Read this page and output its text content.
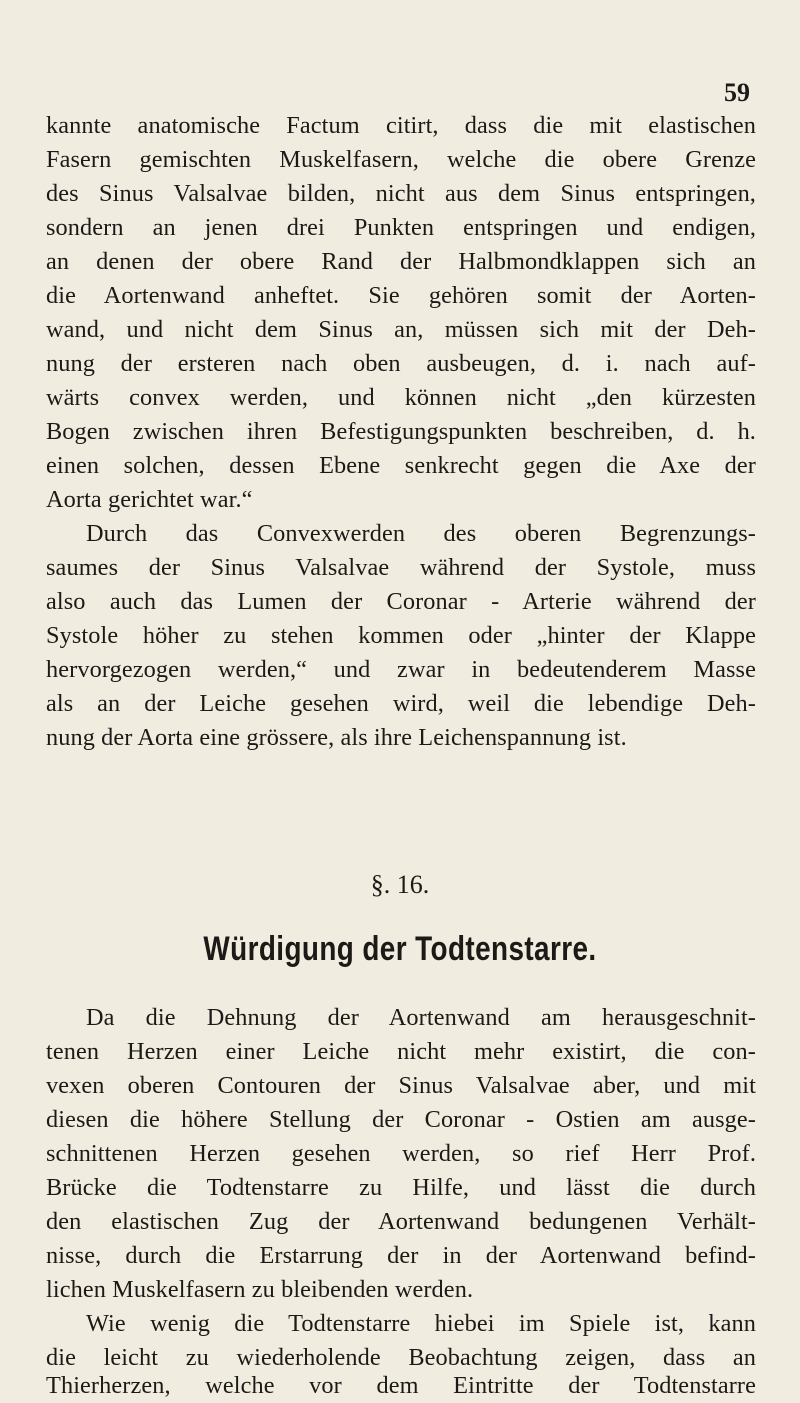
59
kannte anatomische Factum citirt, dass die mit elastischen
Fasern gemischten Muskelfasern, welche die obere Grenze
des Sinus Valsalvae bilden, nicht aus dem Sinus entspringen,
sondern an jenen drei Punkten entspringen und endigen,
an denen der obere Rand der Halbmondklappen sich an
die Aortenwand anheftet. Sie gehören somit der Aorten-
wand, und nicht dem Sinus an, müssen sich mit der Deh-
nung der ersteren nach oben ausbeugen, d. i. nach auf-
wärts convex werden, und können nicht „den kürzesten
Bogen zwischen ihren Befestigungspunkten beschreiben, d. h.
einen solchen, dessen Ebene senkrecht gegen die Axe der
Aorta gerichtet war.“
Durch das Convexwerden des oberen Begrenzungs-
saumes der Sinus Valsalvae während der Systole, muss
also auch das Lumen der Coronar - Arterie während der
Systole höher zu stehen kommen oder „hinter der Klappe
hervorgezogen werden,“ und zwar in bedeutenderem Masse
als an der Leiche gesehen wird, weil die lebendige Deh-
nung der Aorta eine grössere, als ihre Leichenspannung ist.
§. 16.
Würdigung der Todtenstarre.
Da die Dehnung der Aortenwand am herausgeschnit-
tenen Herzen einer Leiche nicht mehr existirt, die con-
vexen oberen Contouren der Sinus Valsalvae aber, und mit
diesen die höhere Stellung der Coronar - Ostien am ausge-
schnittenen Herzen gesehen werden, so rief Herr Prof.
Brücke die Todtenstarre zu Hilfe, und lässt die durch
den elastischen Zug der Aortenwand bedungenen Verhält-
nisse, durch die Erstarrung der in der Aortenwand befind-
lichen Muskelfasern zu bleibenden werden.
Wie wenig die Todtenstarre hiebei im Spiele ist, kann
die leicht zu wiederholende Beobachtung zeigen, dass an
Thierherzen, welche vor dem Eintritte der Todtenstarre
